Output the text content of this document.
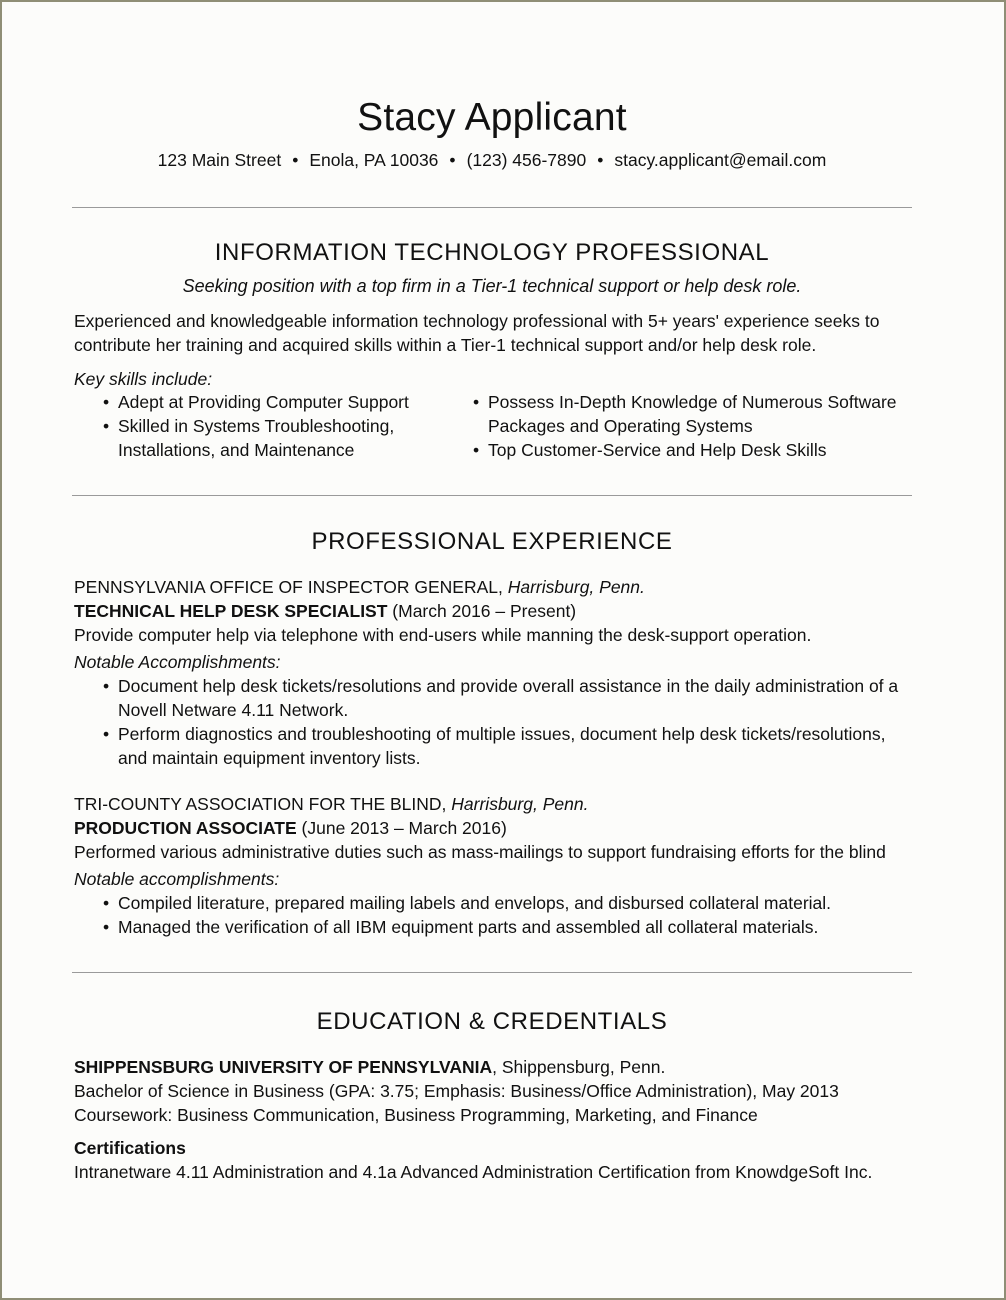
Stacy Applicant
123 Main Street • Enola, PA 10036 • (123) 456-7890 • stacy.applicant@email.com
INFORMATION TECHNOLOGY PROFESSIONAL
Seeking position with a top firm in a Tier-1 technical support or help desk role.
Experienced and knowledgeable information technology professional with 5+ years' experience seeks to contribute her training and acquired skills within a Tier-1 technical support and/or help desk role.
Key skills include:
• Adept at Providing Computer Support
• Skilled in Systems Troubleshooting, Installations, and Maintenance
• Possess In-Depth Knowledge of Numerous Software Packages and Operating Systems
• Top Customer-Service and Help Desk Skills
PROFESSIONAL EXPERIENCE
PENNSYLVANIA OFFICE OF INSPECTOR GENERAL, Harrisburg, Penn.
TECHNICAL HELP DESK SPECIALIST (March 2016 – Present)
Provide computer help via telephone with end-users while manning the desk-support operation.
Notable Accomplishments:
• Document help desk tickets/resolutions and provide overall assistance in the daily administration of a Novell Netware 4.11 Network.
• Perform diagnostics and troubleshooting of multiple issues, document help desk tickets/resolutions, and maintain equipment inventory lists.
TRI-COUNTY ASSOCIATION FOR THE BLIND, Harrisburg, Penn.
PRODUCTION ASSOCIATE (June 2013 – March 2016)
Performed various administrative duties such as mass-mailings to support fundraising efforts for the blind
Notable accomplishments:
• Compiled literature, prepared mailing labels and envelops, and disbursed collateral material.
• Managed the verification of all IBM equipment parts and assembled all collateral materials.
EDUCATION & CREDENTIALS
SHIPPENSBURG UNIVERSITY OF PENNSYLVANIA, Shippensburg, Penn.
Bachelor of Science in Business (GPA: 3.75; Emphasis: Business/Office Administration), May 2013
Coursework: Business Communication, Business Programming, Marketing, and Finance
Certifications
Intranetware 4.11 Administration and 4.1a Advanced Administration Certification from KnowdgeSoft Inc.
